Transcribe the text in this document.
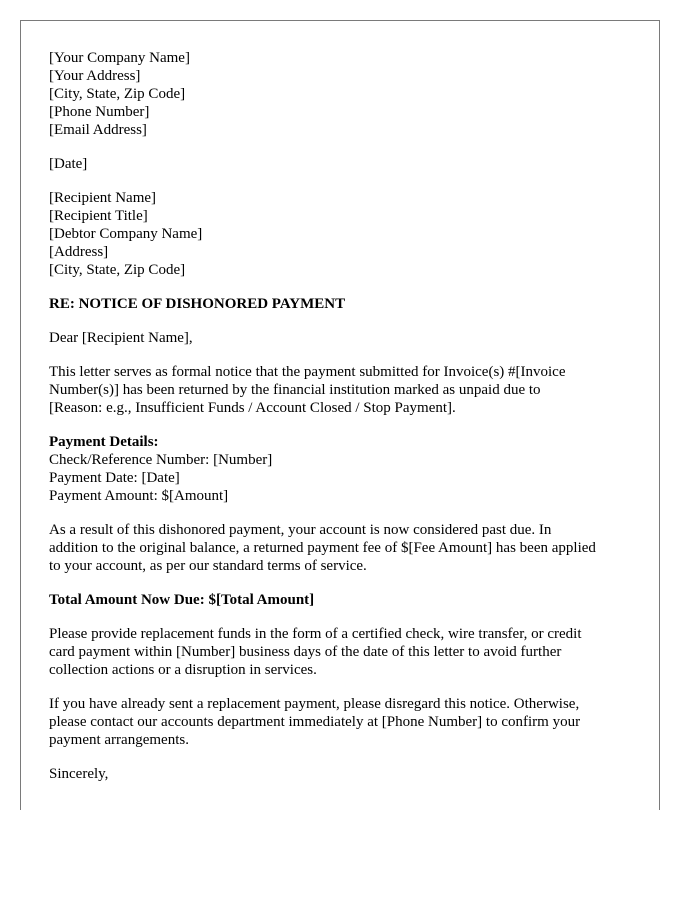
[Your Company Name]
[Your Address]
[City, State, Zip Code]
[Phone Number]
[Email Address]
[Date]
[Recipient Name]
[Recipient Title]
[Debtor Company Name]
[Address]
[City, State, Zip Code]
RE: NOTICE OF DISHONORED PAYMENT
Dear [Recipient Name],
This letter serves as formal notice that the payment submitted for Invoice(s) #[Invoice
Number(s)] has been returned by the financial institution marked as unpaid due to
[Reason: e.g., Insufficient Funds / Account Closed / Stop Payment].
Payment Details:
Check/Reference Number: [Number]
Payment Date: [Date]
Payment Amount: $[Amount]
As a result of this dishonored payment, your account is now considered past due. In
addition to the original balance, a returned payment fee of $[Fee Amount] has been applied
to your account, as per our standard terms of service.
Total Amount Now Due: $[Total Amount]
Please provide replacement funds in the form of a certified check, wire transfer, or credit
card payment within [Number] business days of the date of this letter to avoid further
collection actions or a disruption in services.
If you have already sent a replacement payment, please disregard this notice. Otherwise,
please contact our accounts department immediately at [Phone Number] to confirm your
payment arrangements.
Sincerely,
